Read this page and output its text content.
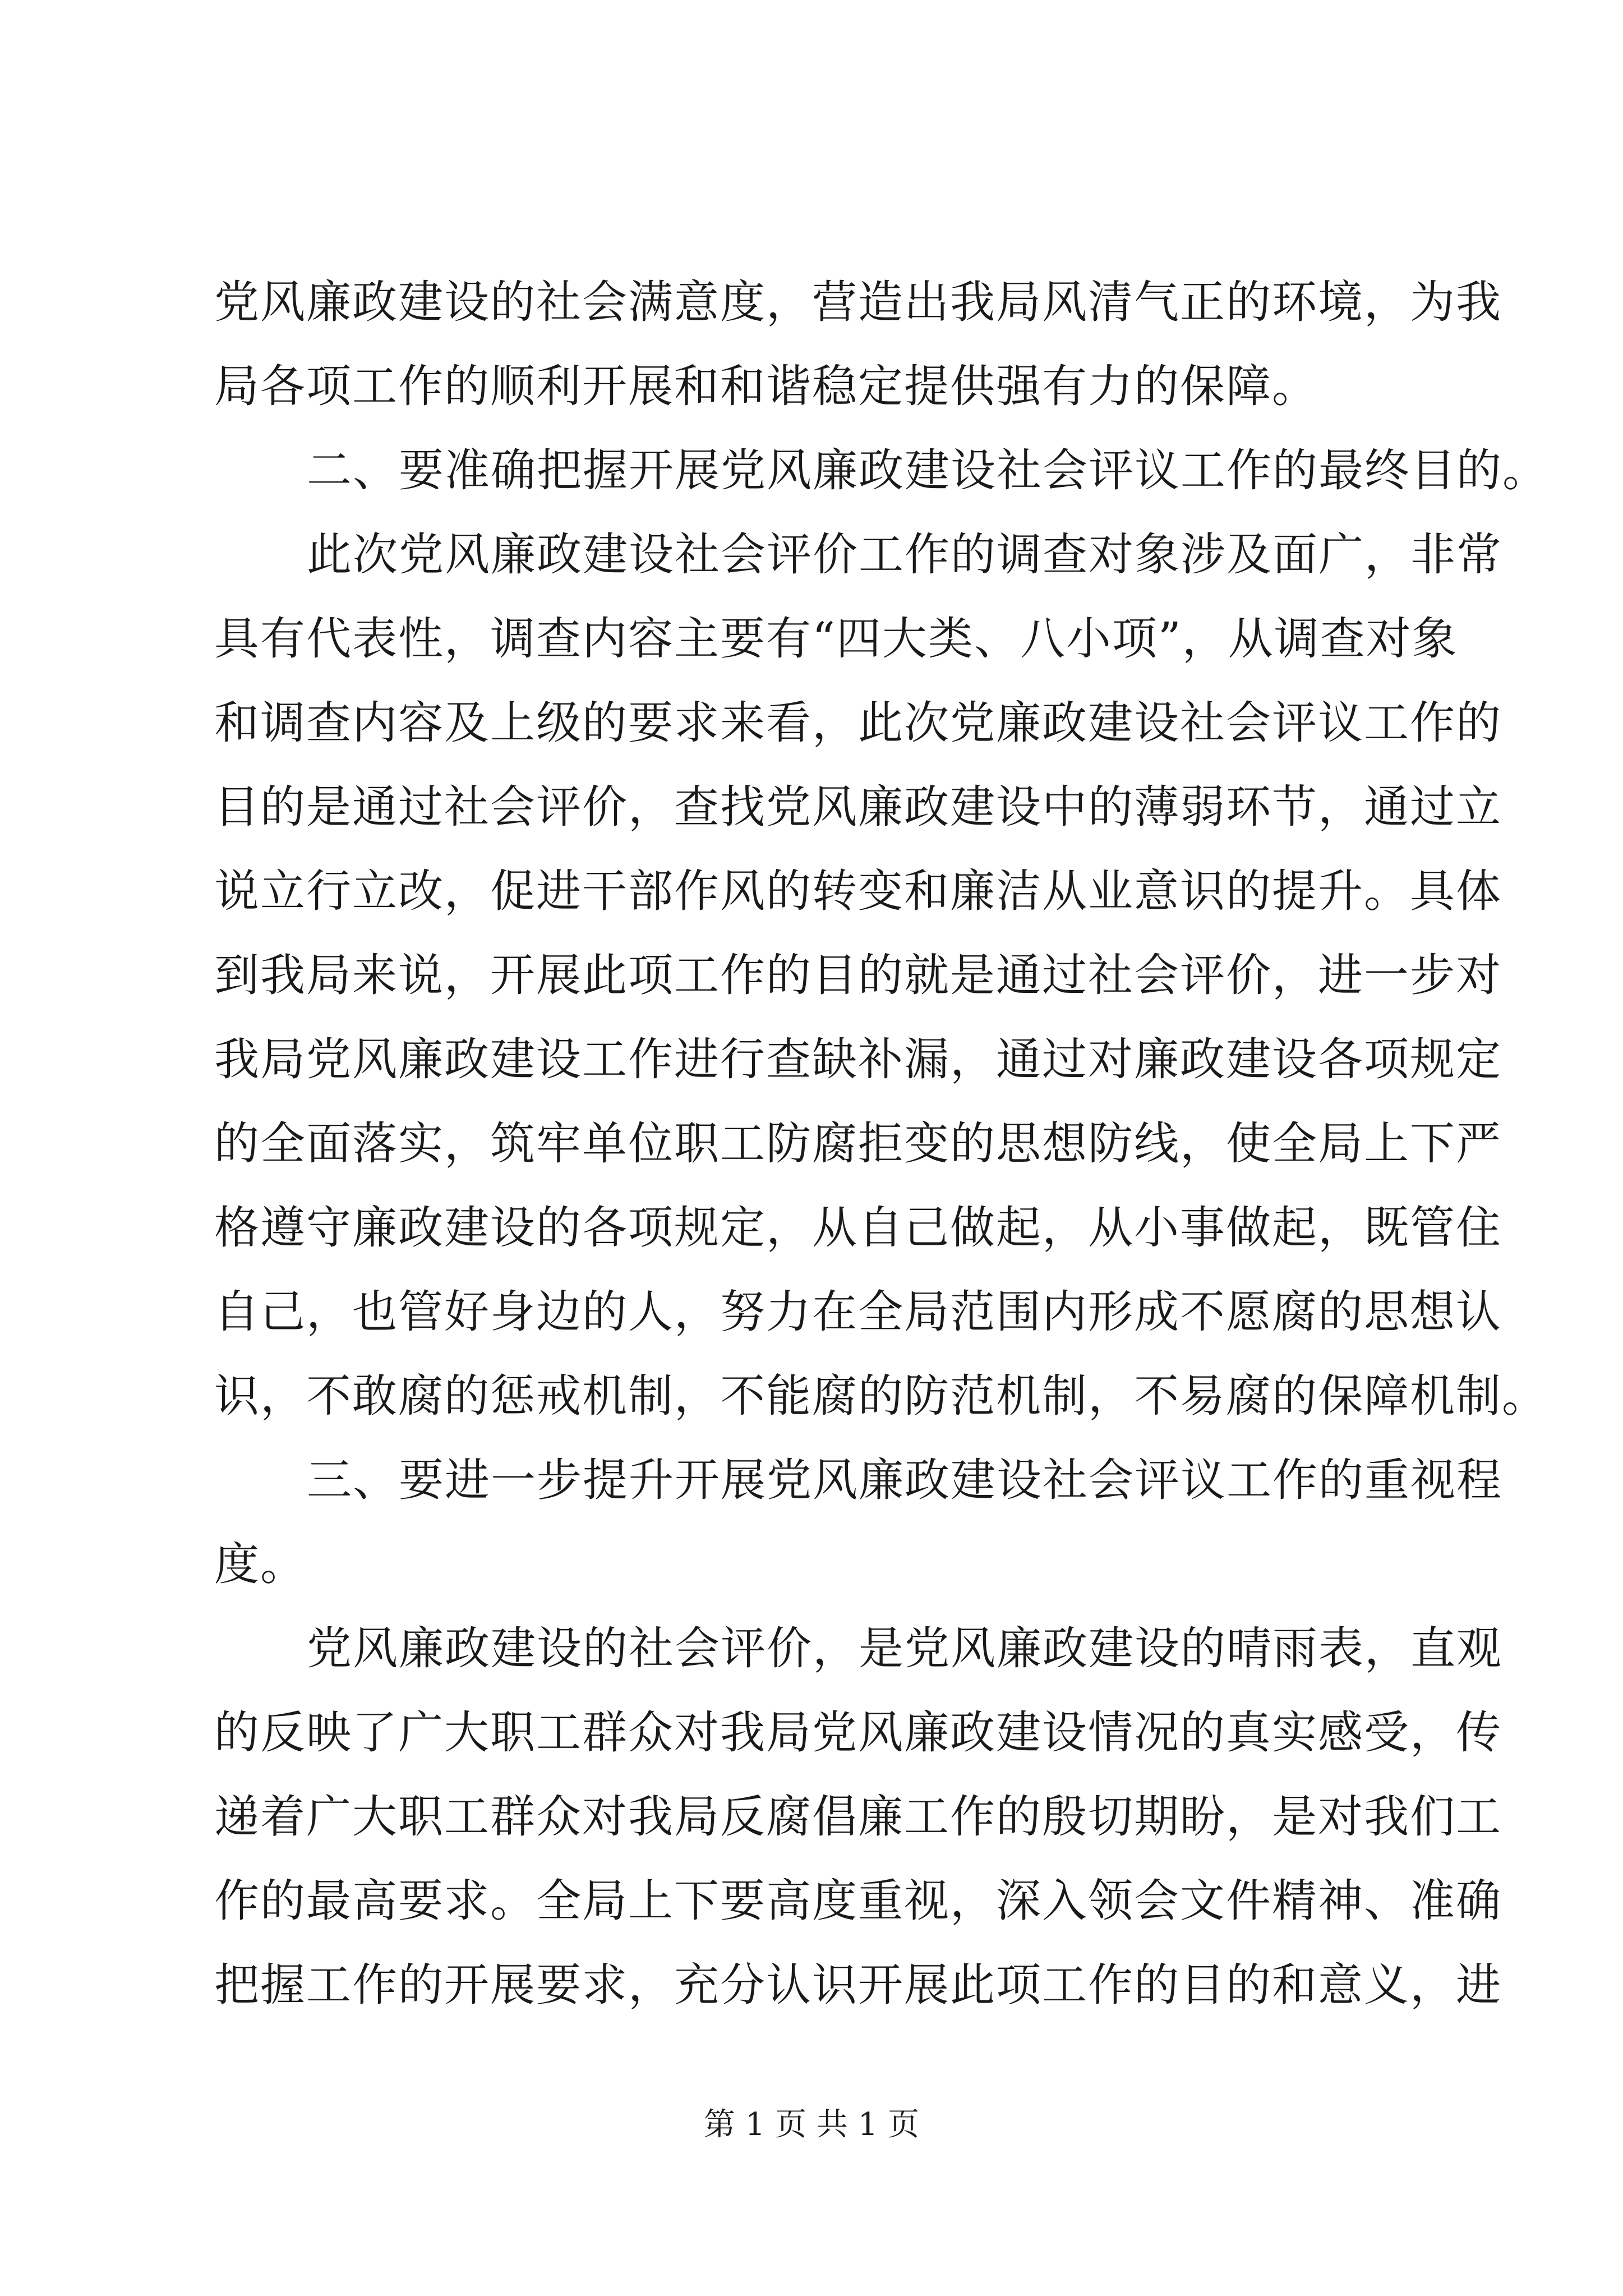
党风廉政建设的社会满意度，营造出我局风清气正的环境，为我
局各项工作的顺利开展和和谐稳定提供强有力的保障。
二、要准确把握开展党风廉政建设社会评议工作的最终目的。
此次党风廉政建设社会评价工作的调查对象涉及面广，非常
具有代表性，调查内容主要有“四大类、八小项”，从调查对象
和调查内容及上级的要求来看，此次党廉政建设社会评议工作的
目的是通过社会评价，查找党风廉政建设中的薄弱环节，通过立
说立行立改，促进干部作风的转变和廉洁从业意识的提升。具体
到我局来说，开展此项工作的目的就是通过社会评价，进一步对
我局党风廉政建设工作进行查缺补漏，通过对廉政建设各项规定
的全面落实，筑牢单位职工防腐拒变的思想防线，使全局上下严
格遵守廉政建设的各项规定，从自己做起，从小事做起，既管住
自己，也管好身边的人，努力在全局范围内形成不愿腐的思想认
识，不敢腐的惩戒机制，不能腐的防范机制，不易腐的保障机制。
三、要进一步提升开展党风廉政建设社会评议工作的重视程
度。
党风廉政建设的社会评价，是党风廉政建设的晴雨表，直观
的反映了广大职工群众对我局党风廉政建设情况的真实感受，传
递着广大职工群众对我局反腐倡廉工作的殷切期盼，是对我们工
作的最高要求。全局上下要高度重视，深入领会文件精神、准确
把握工作的开展要求，充分认识开展此项工作的目的和意义，进
第 1 页 共 1 页
